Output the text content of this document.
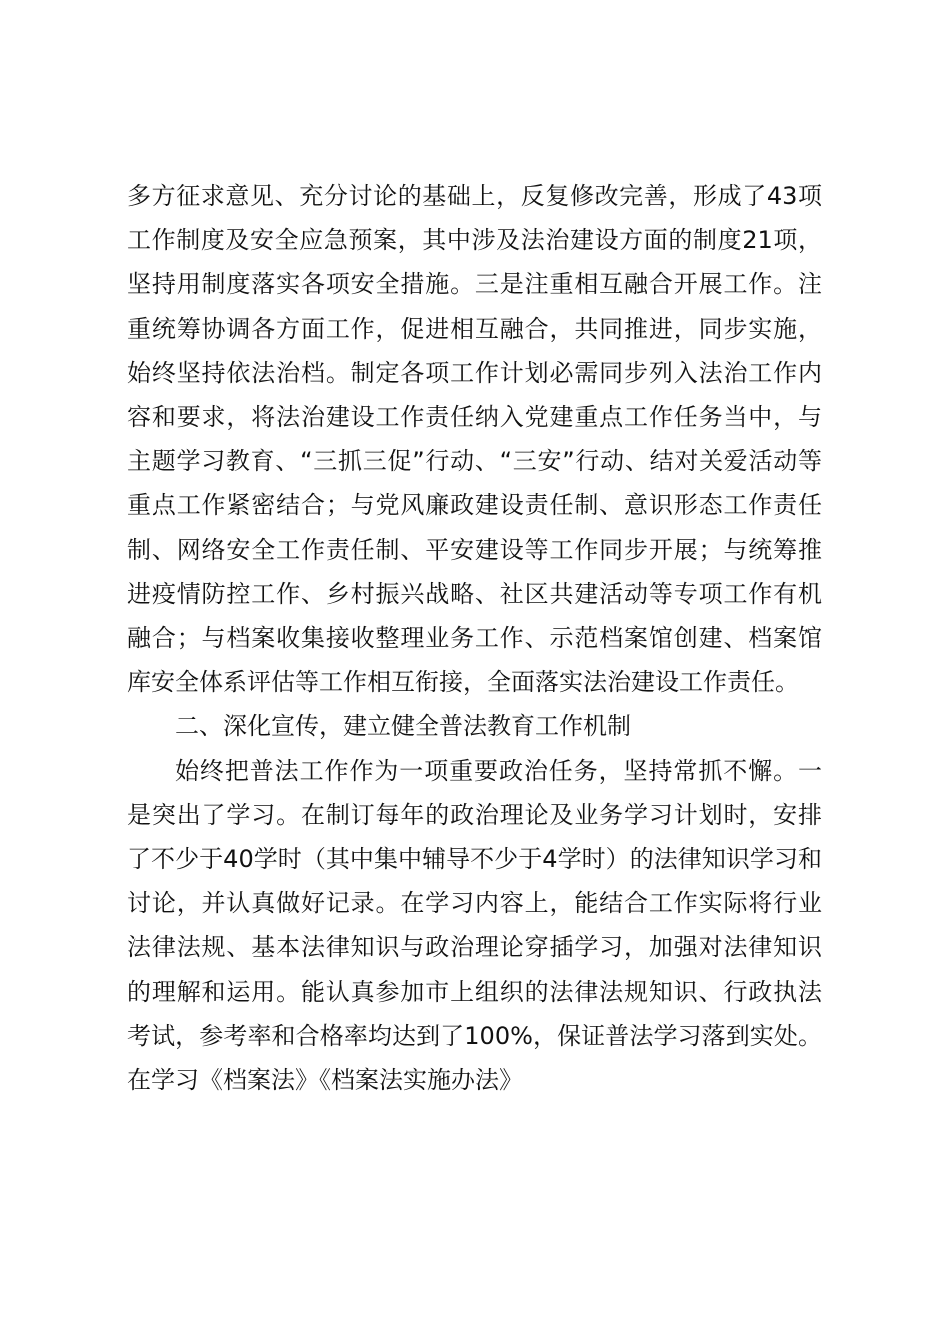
多方征求意见、充分讨论的基础上，反复修改完善，形成了43项工作制度及安全应急预案，其中涉及法治建设方面的制度21项，坚持用制度落实各项安全措施。三是注重相互融合开展工作。注重统筹协调各方面工作，促进相互融合，共同推进，同步实施，始终坚持依法治档。制定各项工作计划必需同步列入法治工作内容和要求，将法治建设工作责任纳入党建重点工作任务当中，与主题学习教育、“三抓三促”行动、“三安”行动、结对关爱活动等重点工作紧密结合；与党风廉政建设责任制、意识形态工作责任制、网络安全工作责任制、平安建设等工作同步开展；与统筹推进疫情防控工作、乡村振兴战略、社区共建活动等专项工作有机融合；与档案收集接收整理业务工作、示范档案馆创建、档案馆库安全体系评估等工作相互衔接，全面落实法治建设工作责任。

二、深化宣传，建立健全普法教育工作机制

始终把普法工作作为一项重要政治任务，坚持常抓不懈。一是突出了学习。在制订每年的政治理论及业务学习计划时，安排了不少于40学时（其中集中辅导不少于4学时）的法律知识学习和讨论，并认真做好记录。在学习内容上，能结合工作实际将行业法律法规、基本法律知识与政治理论穿插学习，加强对法律知识的理解和运用。能认真参加市上组织的法律法规知识、行政执法考试，参考率和合格率均达到了100%，保证普法学习落到实处。在学习《档案法》《档案法实施办法》
